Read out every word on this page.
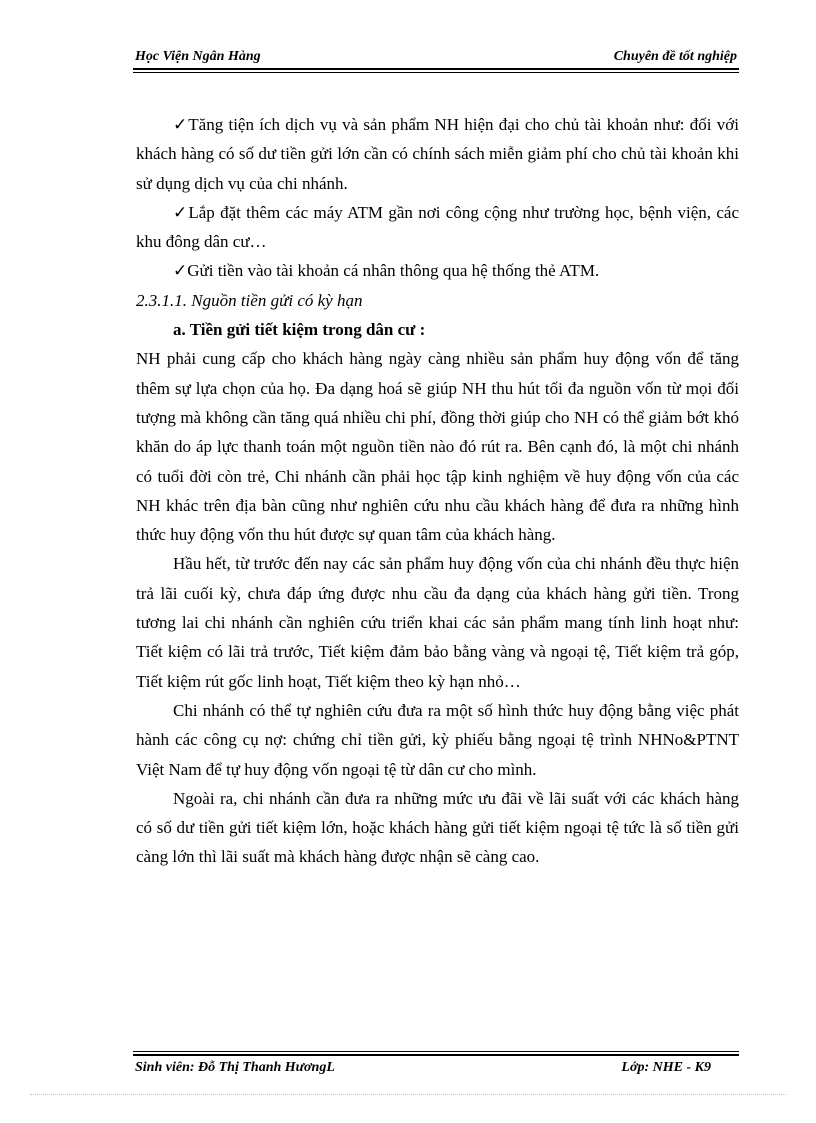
Học Viện Ngân Hàng	Chuyên đề tốt nghiệp

✓Tăng tiện ích dịch vụ và sản phẩm NH hiện đại cho chủ tài khoản như: đối với khách hàng có số dư tiền gửi lớn cần có chính sách miễn giảm phí cho chủ tài khoản khi sử dụng dịch vụ của chi nhánh.

✓Lắp đặt thêm các máy ATM gần nơi công cộng như trường học, bệnh viện, các khu đông dân cư…

✓Gửi tiền vào tài khoản cá nhân thông qua hệ thống thẻ ATM.

2.3.1.1. Nguồn tiền gửi có kỳ hạn

a. Tiền gửi tiết kiệm trong dân cư :

NH phải cung cấp cho khách hàng ngày càng nhiều sản phẩm huy động vốn để tăng thêm sự lựa chọn của họ. Đa dạng hoá sẽ giúp NH thu hút tối đa nguồn vốn từ mọi đối tượng mà không cần tăng quá nhiều chi phí, đồng thời giúp cho NH có thể giảm bớt khó khăn do áp lực thanh toán một nguồn tiền nào đó rút ra. Bên cạnh đó, là một chi nhánh có tuổi đời còn trẻ, Chi nhánh cần phải học tập kinh nghiệm về huy động vốn của các NH khác trên địa bàn cũng như nghiên cứu nhu cầu khách hàng để đưa ra những hình thức huy động vốn thu hút được sự quan tâm của khách hàng.

Hầu hết, từ trước đến nay các sản phẩm huy động vốn của chi nhánh đều thực hiện trả lãi cuối kỳ, chưa đáp ứng được nhu cầu đa dạng của khách hàng gửi tiền. Trong tương lai chi nhánh cần nghiên cứu triển khai các sản phẩm mang tính linh hoạt như: Tiết kiệm có lãi trả trước, Tiết kiệm đảm bảo bằng vàng và ngoại tệ, Tiết kiệm trả góp, Tiết kiệm rút gốc linh hoạt, Tiết kiệm theo kỳ hạn nhỏ…

Chi nhánh có thể tự nghiên cứu đưa ra một số hình thức huy động bằng việc phát hành các công cụ nợ: chứng chỉ tiền gửi, kỳ phiếu bằng ngoại tệ trình NHNo&PTNT Việt Nam để tự huy động vốn ngoại tệ từ dân cư cho mình.

Ngoài ra, chi nhánh cần đưa ra những mức ưu đãi về lãi suất với các khách hàng có số dư tiền gửi tiết kiệm lớn, hoặc khách hàng gửi tiết kiệm ngoại tệ tức là số tiền gửi càng lớn thì lãi suất mà khách hàng được nhận sẽ càng cao.

Sinh viên: Đỗ Thị Thanh HươngL	Lớp: NHE - K9
